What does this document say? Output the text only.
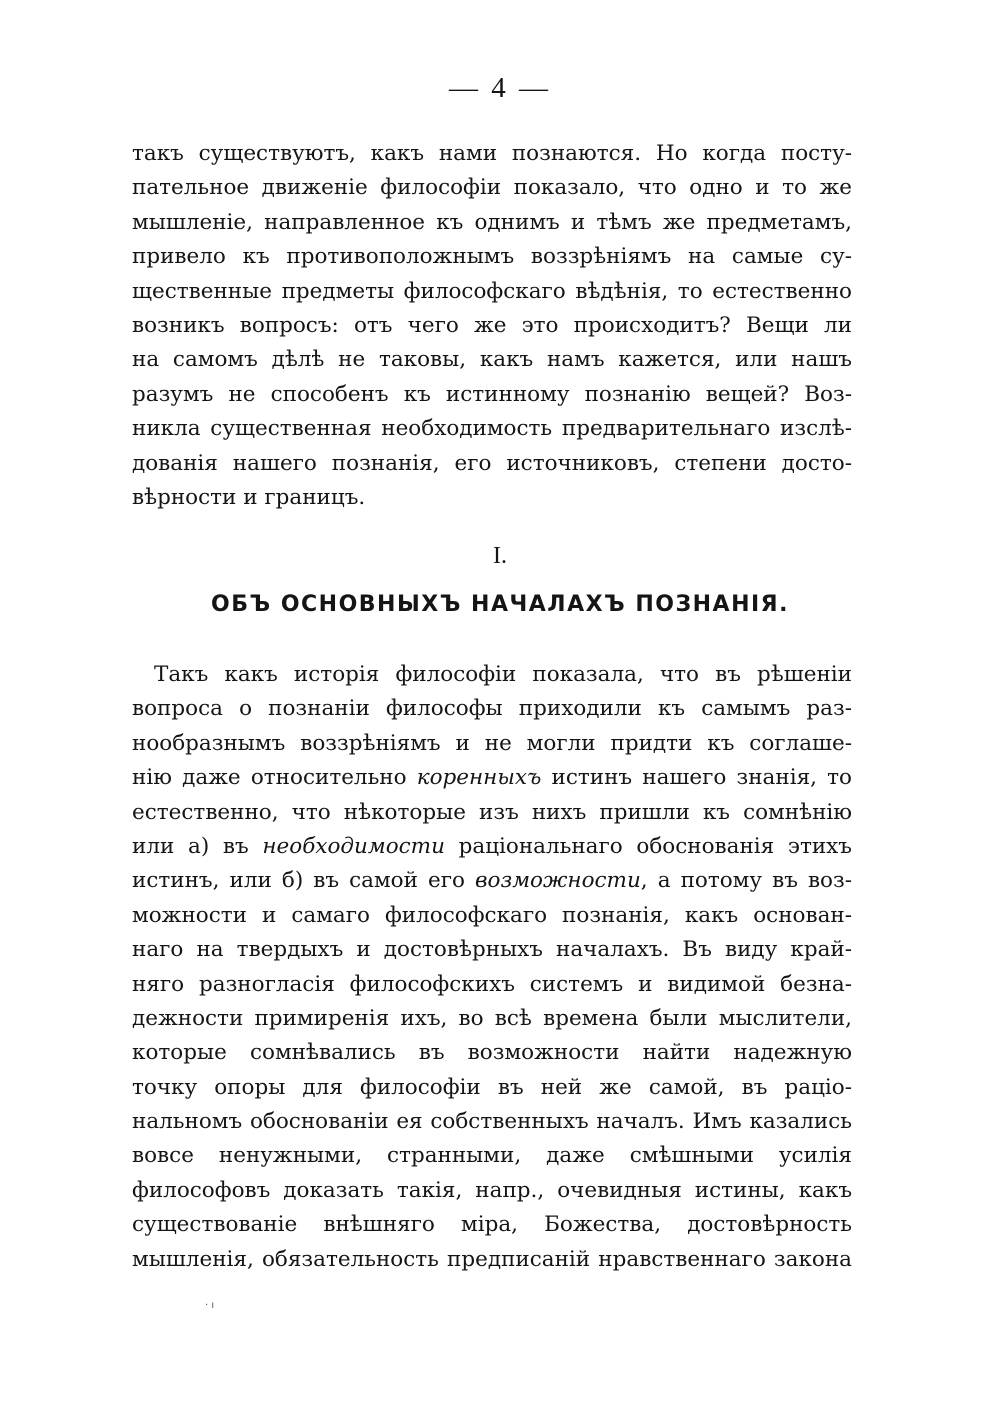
— 4 —
такъ существуютъ, какъ нами познаются. Но когда посту-
пательное движеніе философіи показало, что одно и то же
мышленіе, направленное къ однимъ и тѣмъ же предметамъ,
привело къ противоположнымъ воззрѣніямъ на самые су-
щественные предметы философскаго вѣдѣнія, то естественно
возникъ вопросъ: отъ чего же это происходитъ? Вещи ли
на самомъ дѣлѣ не таковы, какъ намъ кажется, или нашъ
разумъ не способенъ къ истинному познанію вещей? Воз-
никла существенная необходимость предварительнаго изслѣ-
дованія нашего познанія, его источниковъ, степени досто-
вѣрности и границъ.
I.
ОБЪ ОСНОВНЫХЪ НАЧАЛАХЪ ПОЗНАНІЯ.
Такъ какъ исторія философіи показала, что въ рѣшеніи
вопроса о познаніи философы приходили къ самымъ раз-
нообразнымъ воззрѣніямъ и не могли придти къ соглаше-
нію даже относительно коренныхъ истинъ нашего знанія, то
естественно, что нѣкоторые изъ нихъ пришли къ сомнѣнію
или а) въ необходимости раціональнаго обоснованія этихъ
истинъ, или б) въ самой его возможности, а потому въ воз-
можности и самаго философскаго познанія, какъ основан-
наго на твердыхъ и достовѣрныхъ началахъ. Въ виду край-
няго разногласія философскихъ системъ и видимой безна-
дежности примиренія ихъ, во всѣ времена были мыслители,
которые сомнѣвались въ возможности найти надежную
точку опоры для философіи въ ней же самой, въ раціо-
нальномъ обоснованіи ея собственныхъ началъ. Имъ казались
вовсе ненужными, странными, даже смѣшными усилія
философовъ доказать такія, напр., очевидныя истины, какъ
существованіе внѣшняго міра, Божества, достовѣрность
мышленія, обязательность предписаній нравственнаго закона
· ı
